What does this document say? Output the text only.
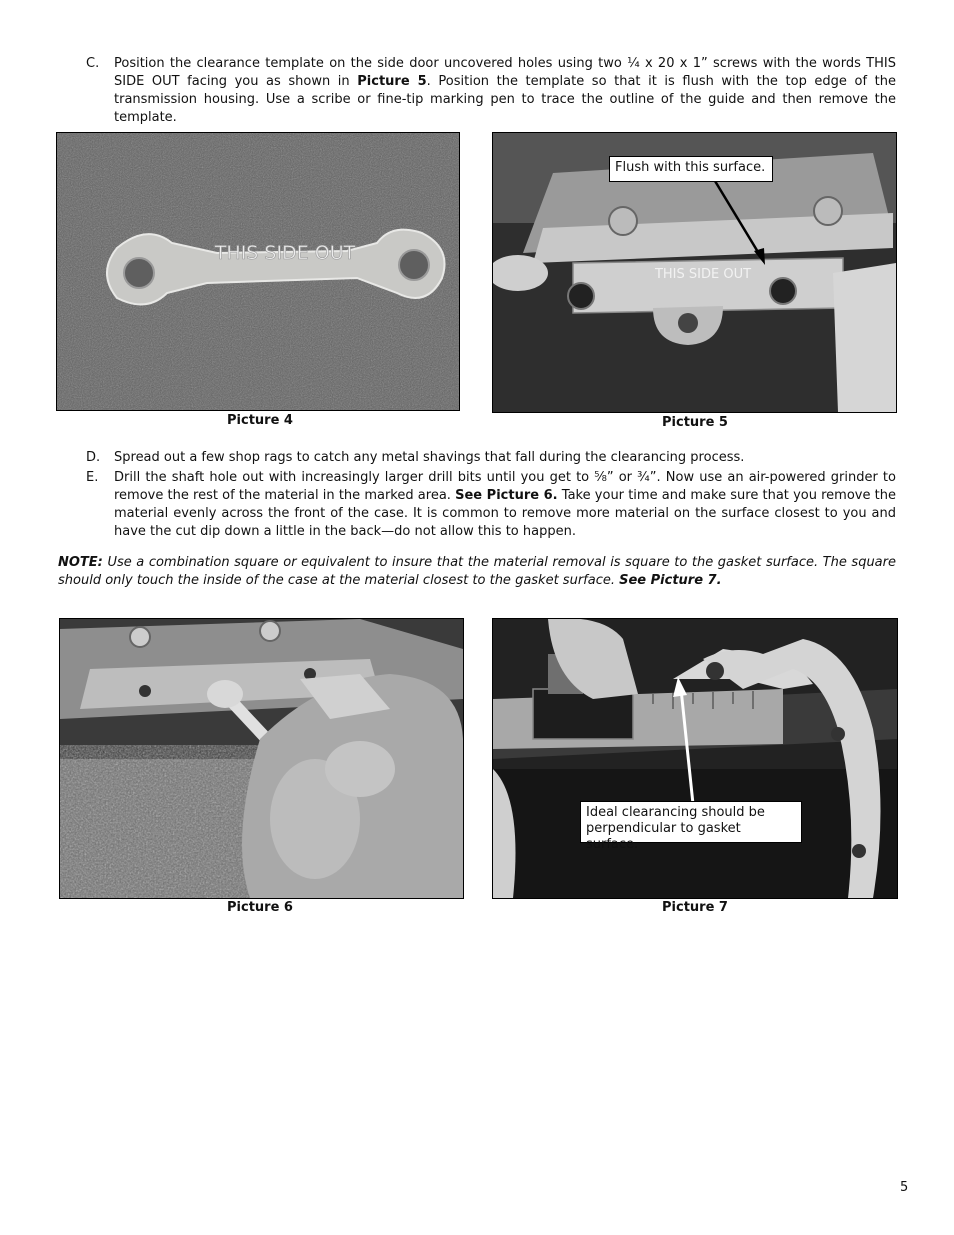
C. Position the clearance template on the side door uncovered holes using two ¼ x 20 x 1” screws with the words THIS SIDE OUT facing you as shown in Picture 5. Position the template so that it is flush with the top edge of the transmission housing. Use a scribe or fine-tip marking pen to trace the outline of the guide and then remove the template.
THIS SIDE OUT
Picture 4
THIS SIDE OUT
Flush with this surface.
Picture 5
D. Spread out a few shop rags to catch any metal shavings that fall during the clearancing process.
E. Drill the shaft hole out with increasingly larger drill bits until you get to ⅝” or ¾”. Now use an air-powered grinder to remove the rest of the material in the marked area. See Picture 6. Take your time and make sure that you remove the material evenly across the front of the case. It is common to remove more material on the surface closest to you and have the cut dip down a little in the back—do not allow this to happen.
NOTE: Use a combination square or equivalent to insure that the material removal is square to the gasket surface. The square should only touch the inside of the case at the material closest to the gasket surface. See Picture 7.
Picture 6
Ideal clearancing should be perpendicular to gasket surface.
Picture 7
5
